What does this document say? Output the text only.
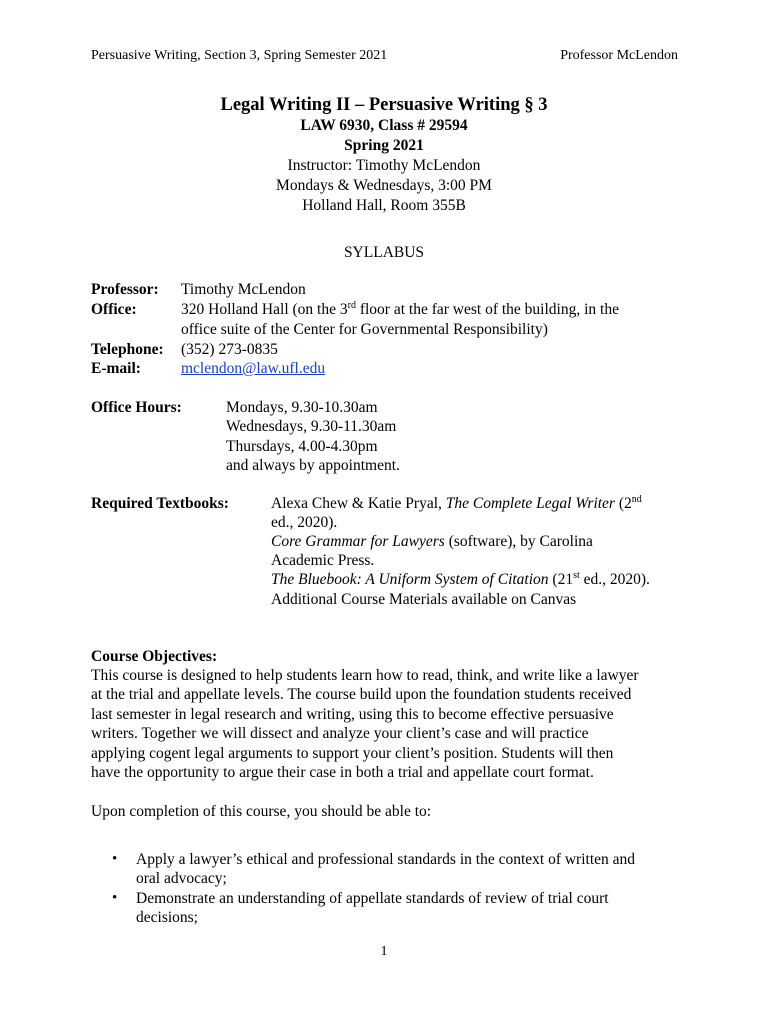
Persuasive Writing, Section 3, Spring Semester 2021	Professor McLendon
Legal Writing II – Persuasive Writing § 3
LAW 6930, Class # 29594
Spring 2021
Instructor: Timothy McLendon
Mondays & Wednesdays, 3:00 PM
Holland Hall, Room 355B
SYLLABUS
Professor: Timothy McLendon
Office:	320 Holland Hall (on the 3rd floor at the far west of the building, in the
office suite of the Center for Governmental Responsibility)
Telephone: (352) 273-0835
E-mail:	mclendon@law.ufl.edu
Office Hours:	Mondays, 9.30-10.30am
Wednesdays, 9.30-11.30am
Thursdays, 4.00-4.30pm
and always by appointment.
Required Textbooks:	Alexa Chew & Katie Pryal, The Complete Legal Writer (2nd
ed., 2020).
Core Grammar for Lawyers (software), by Carolina
Academic Press.
The Bluebook: A Uniform System of Citation (21st ed., 2020).
Additional Course Materials available on Canvas
Course Objectives:
This course is designed to help students learn how to read, think, and write like a lawyer
at the trial and appellate levels. The course build upon the foundation students received
last semester in legal research and writing, using this to become effective persuasive
writers. Together we will dissect and analyze your client’s case and will practice
applying cogent legal arguments to support your client’s position. Students will then
have the opportunity to argue their case in both a trial and appellate court format.
Upon completion of this course, you should be able to:
• Apply a lawyer’s ethical and professional standards in the context of written and
oral advocacy;
• Demonstrate an understanding of appellate standards of review of trial court
decisions;
1
